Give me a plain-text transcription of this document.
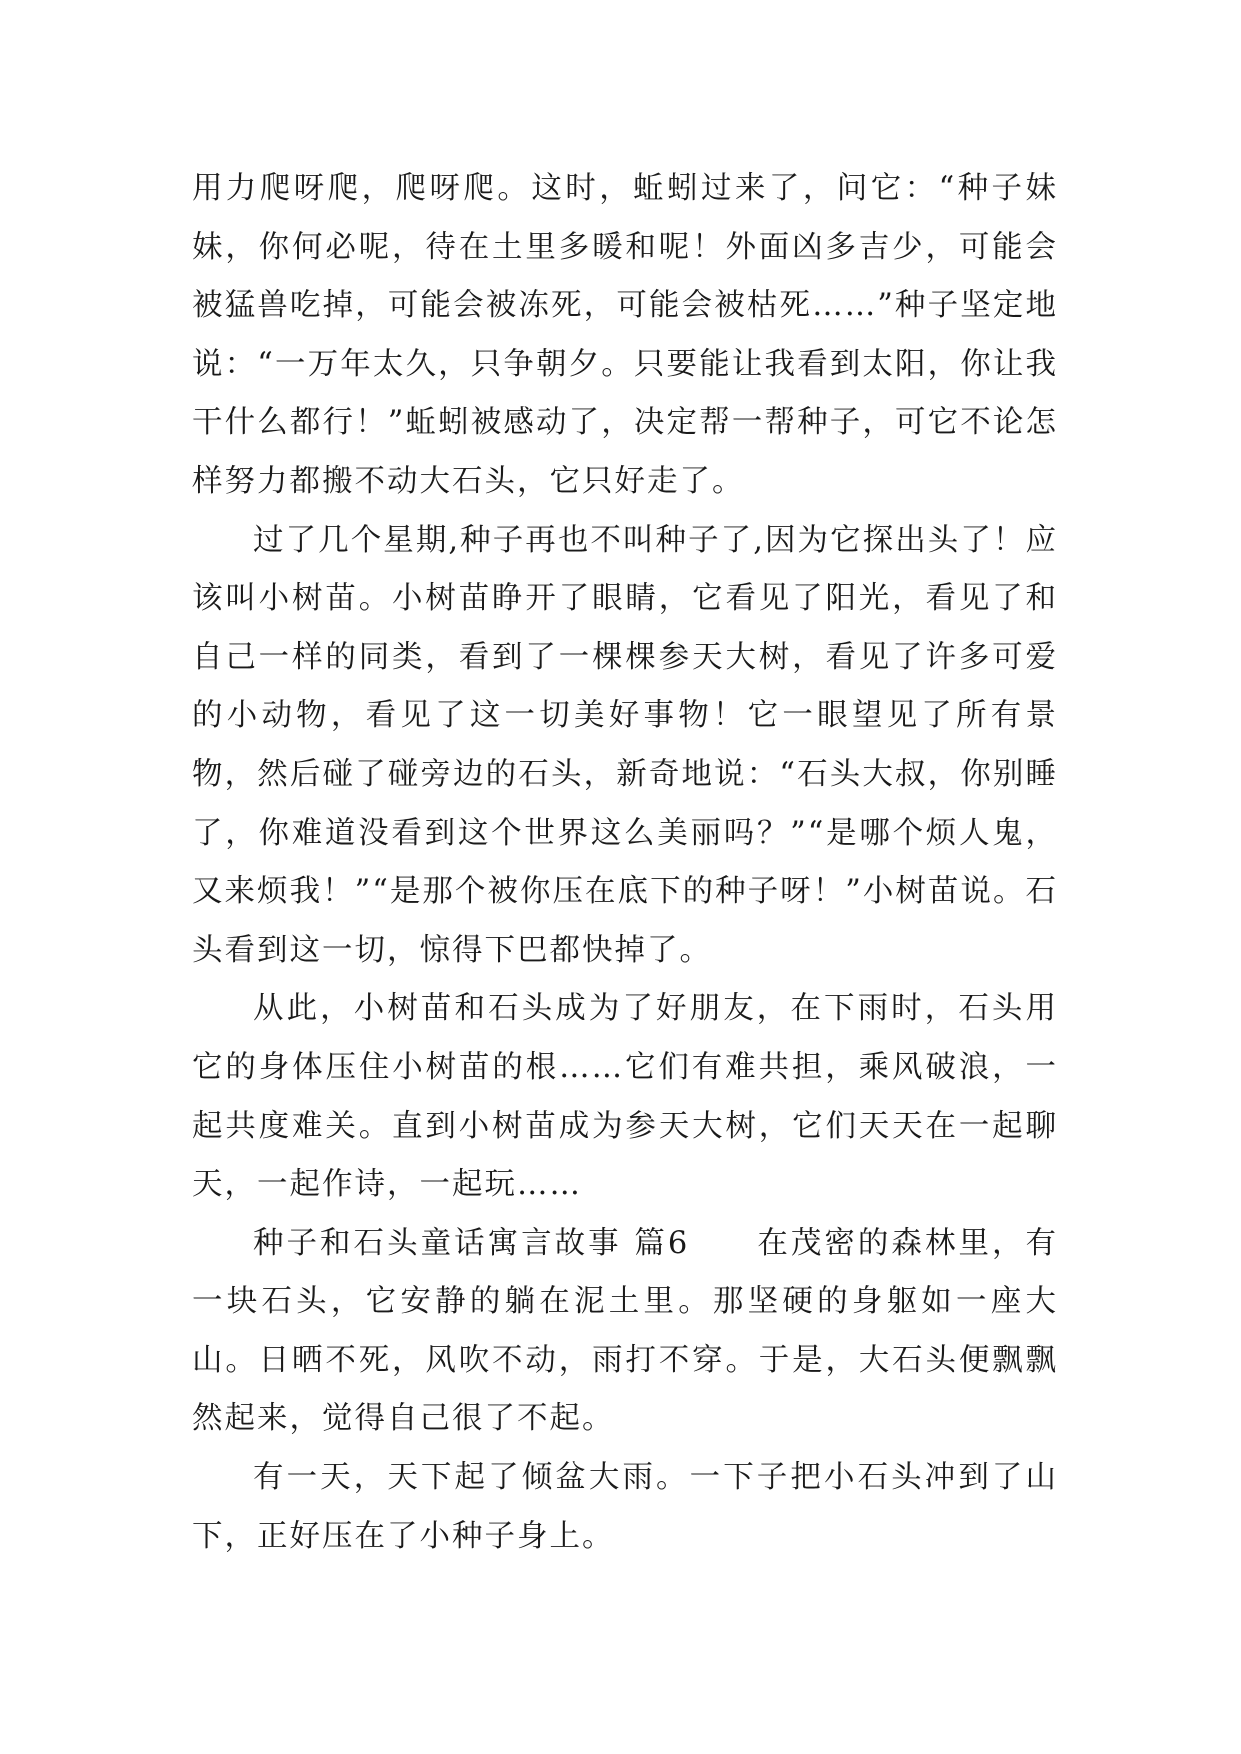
用力爬呀爬，爬呀爬。这时，蚯蚓过来了，问它：“种子妹妹，你何必呢，待在土里多暖和呢！外面凶多吉少，可能会被猛兽吃掉，可能会被冻死，可能会被枯死……”种子坚定地说：“一万年太久，只争朝夕。只要能让我看到太阳，你让我干什么都行！”蚯蚓被感动了，决定帮一帮种子，可它不论怎样努力都搬不动大石头，它只好走了。

过了几个星期,种子再也不叫种子了,因为它探出头了！应该叫小树苗。小树苗睁开了眼睛，它看见了阳光，看见了和自己一样的同类，看到了一棵棵参天大树，看见了许多可爱的小动物，看见了这一切美好事物！它一眼望见了所有景物，然后碰了碰旁边的石头，新奇地说：“石头大叔，你别睡了，你难道没看到这个世界这么美丽吗？”“是哪个烦人鬼，又来烦我！”“是那个被你压在底下的种子呀！”小树苗说。石头看到这一切，惊得下巴都快掉了。

从此，小树苗和石头成为了好朋友，在下雨时，石头用它的身体压住小树苗的根……它们有难共担，乘风破浪，一起共度难关。直到小树苗成为参天大树，它们天天在一起聊天，一起作诗，一起玩……

种子和石头童话寓言故事 篇6　　在茂密的森林里，有一块石头，它安静的躺在泥土里。那坚硬的身躯如一座大山。日晒不死，风吹不动，雨打不穿。于是，大石头便飘飘然起来，觉得自己很了不起。

有一天，天下起了倾盆大雨。一下子把小石头冲到了山下，正好压在了小种子身上。
